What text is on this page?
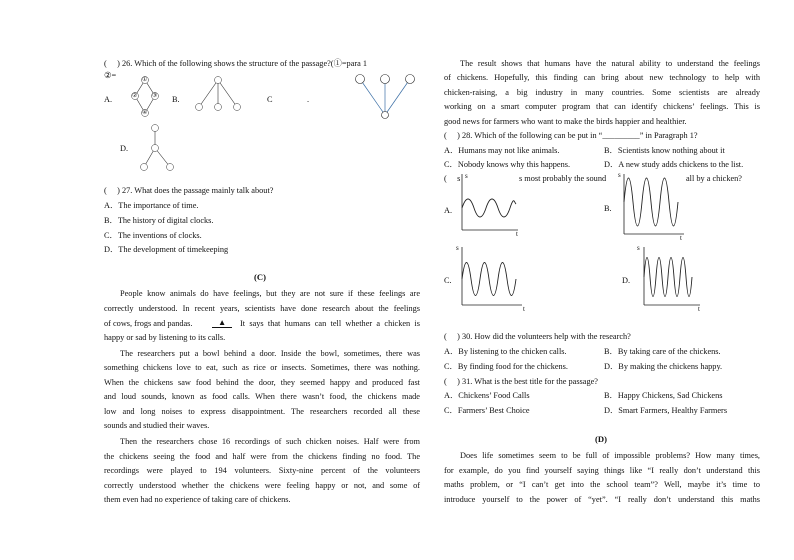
(　 ) 26. Which of the following shows the structure of the passage?(①=para 1
②=
A.	B.	C	.
D.
①
② ③
④
(　 ) 27. What does the passage mainly talk about?
A．The importance of time.
B．The history of digital clocks.
C．The inventions of clocks.
D．The development of timekeeping
(C)
People know animals do have feelings, but they are not sure if these feelings are
correctly understood. In recent years, scientists have done research about the feelings
of cows, frogs and pandas.	▲	It says that humans can tell whether a chicken is
happy or sad by listening to its calls.
The researchers put a bowl behind a door. Inside the bowl, sometimes, there was
something chickens love to eat, such as rice or insects. Sometimes, there was nothing.
When the chickens saw food behind the door, they seemed happy and produced fast
and loud sounds, known as food calls. When there wasn’t food, the chickens made
low and long noises to express disappointment. The researchers recorded all these
sounds and studied their waves.
Then the researchers chose 16 recordings of such chicken noises. Half were from
the chickens seeing the food and half were from the chickens finding no food. The
recordings were played to 194 volunteers. Sixty-nine percent of the volunteers
correctly understood whether the chickens were feeling happy or not, and some of
them even had no experience of taking care of chickens.
The result shows that humans have the natural ability to understand the feelings
of chickens. Hopefully, this finding can bring about new technology to help with
chicken-raising, a big industry in many countries. Some scientists are already
working on a smart computer program that can identify chickens’ feelings. This is
good news for farmers who want to make the birds happier and healthier.
(　 ) 28. Which of the following can be put in “_________” in Paragraph 1?
A．Humans may not like animals.	B．Scientists know nothing about it
C．Nobody knows why this happens.	D．A new study adds chickens to the list.
(　 s	s most probably the sound	all by a chicken?
A.	B.
C.	D.
s
t
s
t
s
t
s
t
(　 ) 30. How did the volunteers help with the research?
A．By listening to the chicken calls.	B．By taking care of the chickens.
C．By finding food for the chickens.	D．By making the chickens happy.
(　 ) 31. What is the best title for the passage?
A．Chickens’ Food Calls	B．Happy Chickens, Sad Chickens
C．Farmers’ Best Choice	D．Smart Farmers, Healthy Farmers
(D)
Does life sometimes seem to be full of impossible problems? How many times,
for example, do you find yourself saying things like “I really don’t understand this
maths problem, or “I can’t get into the school team”? Well, maybe it’s time to
introduce yourself to the power of “yet”. “I really don’t understand this maths
